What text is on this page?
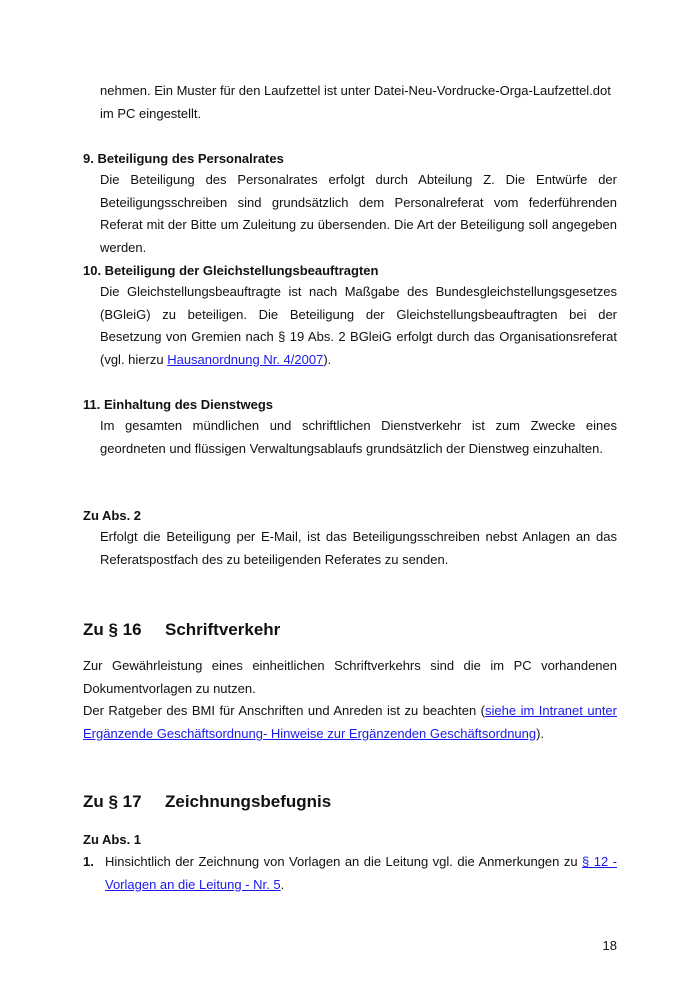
nehmen. Ein Muster für den Laufzettel ist unter Datei-Neu-Vordrucke-Orga-Laufzettel.dot
im PC eingestellt.
9. Beteiligung des Personalrates
Die Beteiligung des Personalrates erfolgt durch Abteilung Z. Die Entwürfe der Beteiligungsschreiben sind grundsätzlich dem Personalreferat vom federführenden Referat mit der Bitte um Zuleitung zu übersenden. Die Art der Beteiligung soll angegeben werden.
10. Beteiligung der Gleichstellungsbeauftragten
Die Gleichstellungsbeauftragte ist nach Maßgabe des Bundesgleichstellungsgesetzes (BGleiG) zu beteiligen. Die Beteiligung der Gleichstellungsbeauftragten bei der Besetzung von Gremien nach § 19 Abs. 2 BGleiG erfolgt durch das Organisationsreferat (vgl. hierzu Hausanordnung Nr. 4/2007).
11. Einhaltung des Dienstwegs
Im gesamten mündlichen und schriftlichen Dienstverkehr ist zum Zwecke eines geordneten und flüssigen Verwaltungsablaufs grundsätzlich der Dienstweg einzuhalten.
Zu Abs. 2
Erfolgt die Beteiligung per E-Mail, ist das Beteiligungsschreiben nebst Anlagen an das Referatspostfach des zu beteiligenden Referates zu senden.
Zu § 16 Schriftverkehr
Zur Gewährleistung eines einheitlichen Schriftverkehrs sind die im PC vorhandenen Dokumentvorlagen zu nutzen.
Der Ratgeber des BMI für Anschriften und Anreden ist zu beachten (siehe im Intranet unter Ergänzende Geschäftsordnung- Hinweise zur Ergänzenden Geschäftsordnung).
Zu § 17 Zeichnungsbefugnis
Zu Abs. 1
1. Hinsichtlich der Zeichnung von Vorlagen an die Leitung vgl. die Anmerkungen zu § 12 - Vorlagen an die Leitung - Nr. 5.
18
